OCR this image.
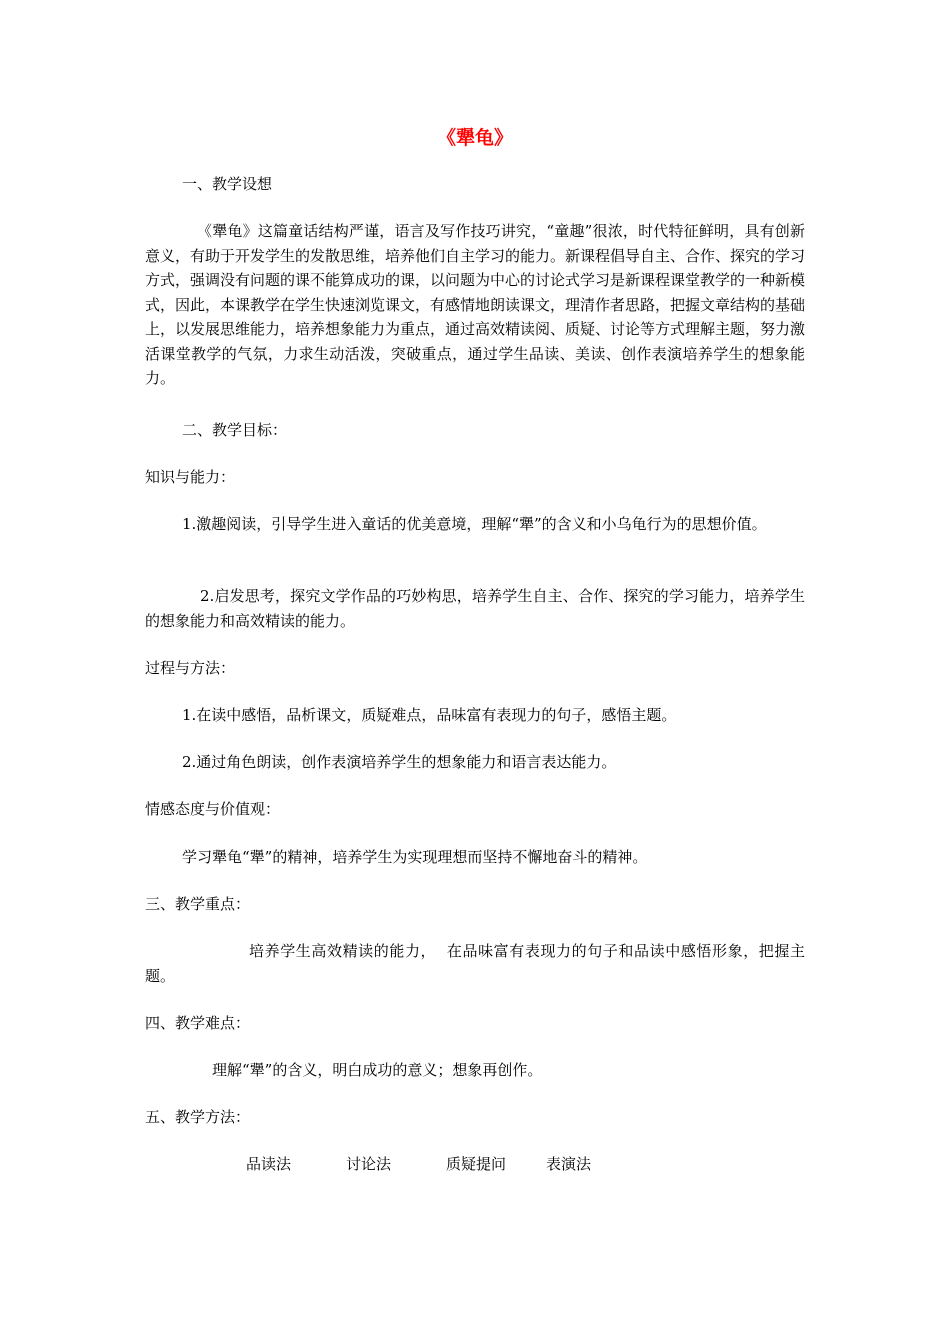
《犟龟》
一、教学设想
《犟龟》这篇童话结构严谨，语言及写作技巧讲究，“童趣”很浓，时代特征鲜明，具有创新意义，有助于开发学生的发散思维，培养他们自主学习的能力。新课程倡导自主、合作、探究的学习方式，强调没有问题的课不能算成功的课，以问题为中心的讨论式学习是新课程课堂教学的一种新模式，因此，本课教学在学生快速浏览课文，有感情地朗读课文，理清作者思路，把握文章结构的基础上，以发展思维能力，培养想象能力为重点，通过高效精读阅、质疑、讨论等方式理解主题，努力激活课堂教学的气氛，力求生动活泼，突破重点，通过学生品读、美读、创作表演培养学生的想象能力。
二、教学目标：
知识与能力：
1.激趣阅读，引导学生进入童话的优美意境，理解“犟”的含义和小乌龟行为的思想价值。
2.启发思考，探究文学作品的巧妙构思，培养学生自主、合作、探究的学习能力，培养学生的想象能力和高效精读的能力。
过程与方法：
1.在读中感悟，品析课文，质疑难点，品味富有表现力的句子，感悟主题。
2.通过角色朗读，创作表演培养学生的想象能力和语言表达能力。
情感态度与价值观：
学习犟龟“犟”的精神，培养学生为实现理想而坚持不懈地奋斗的精神。
三、教学重点：
培养学生高效精读的能力，  在品味富有表现力的句子和品读中感悟形象，把握主题。
四、教学难点：
理解“犟”的含义，明白成功的意义；想象再创作。
五、教学方法：
品读法	讨论法	质疑提问	表演法
